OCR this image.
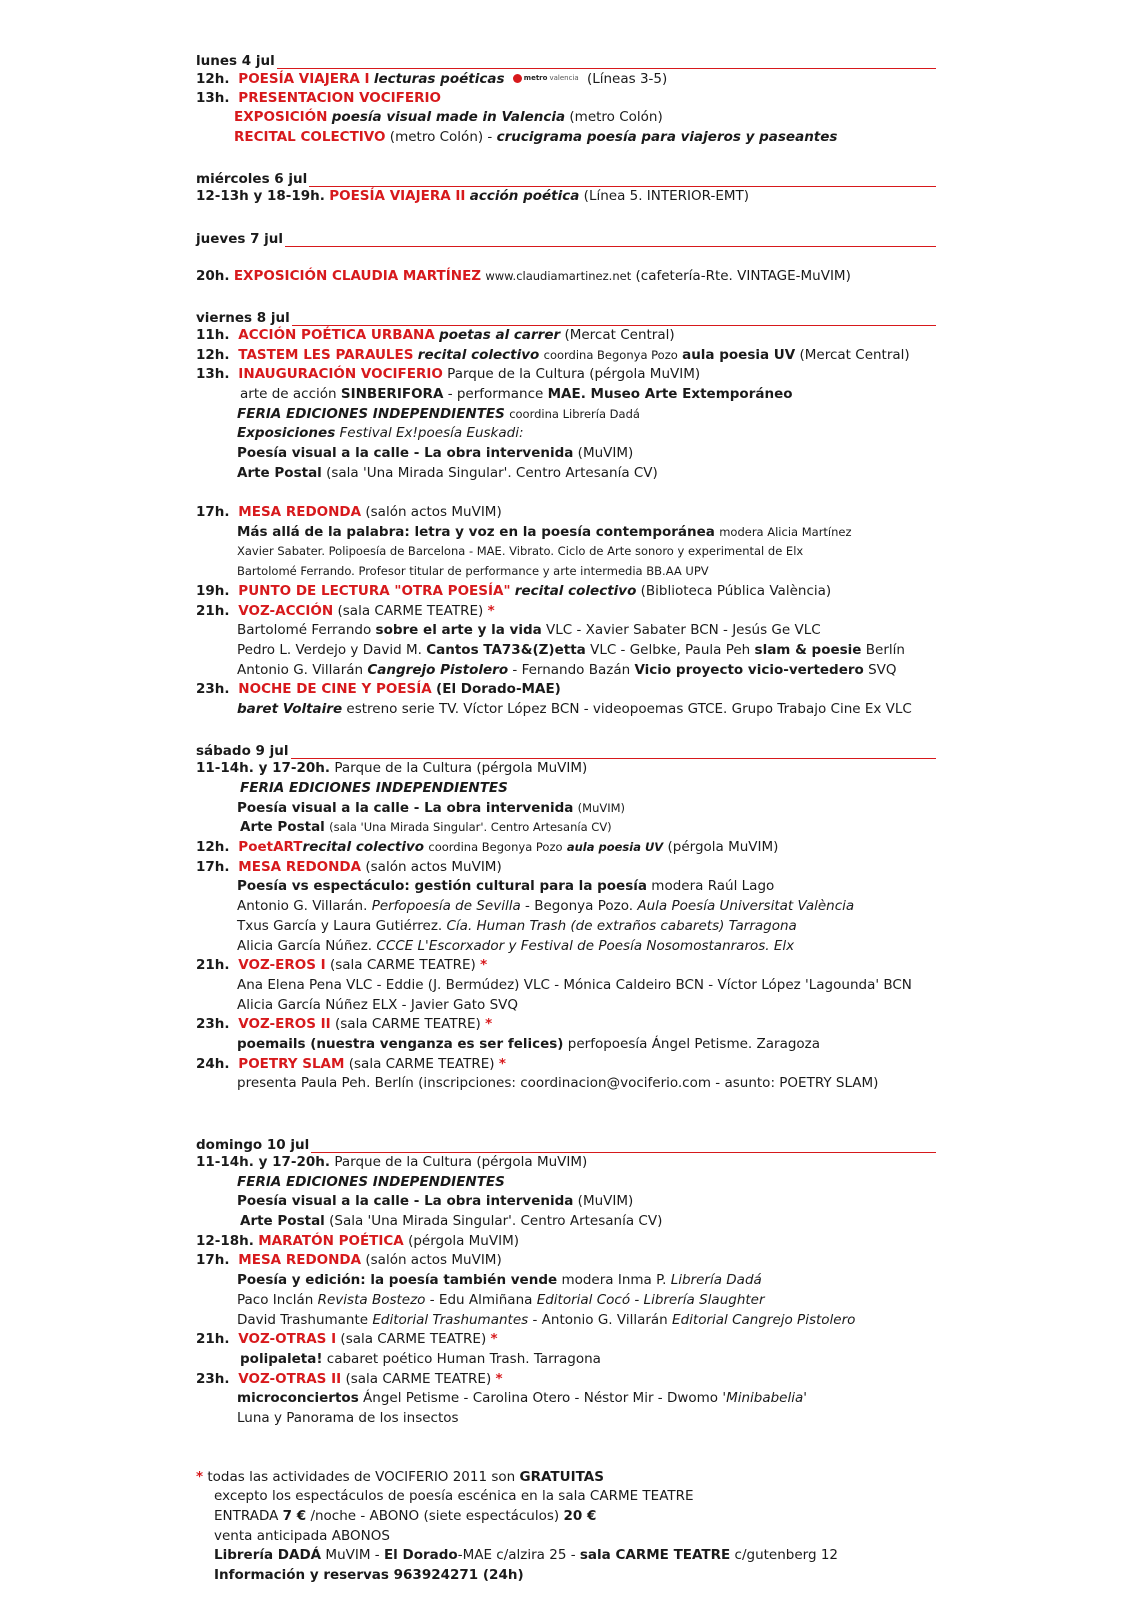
lunes 4 jul
12h. POESÍA VIAJERA I lecturas poéticas	metro valencia (Líneas 3-5)
13h. PRESENTACION VOCIFERIO
EXPOSICIÓN poesía visual made in Valencia (metro Colón)
RECITAL COLECTIVO (metro Colón) - crucigrama poesía para viajeros y paseantes
miércoles 6 jul
12-13h y 18-19h. POESÍA VIAJERA II acción poética (Línea 5. INTERIOR-EMT)
jueves 7 jul
20h. EXPOSICIÓN CLAUDIA MARTÍNEZ www.claudiamartinez.net (cafetería-Rte. VINTAGE-MuVIM)
viernes 8 jul
11h. ACCIÓN POÉTICA URBANA poetas al carrer (Mercat Central)
12h. TASTEM LES PARAULES recital colectivo coordina Begonya Pozo aula poesia UV (Mercat Central)
13h. INAUGURACIÓN VOCIFERIO Parque de la Cultura (pérgola MuVIM)
arte de acción SINBERIFORA - performance MAE. Museo Arte Extemporáneo
FERIA EDICIONES INDEPENDIENTES coordina Librería Dadá
Exposiciones Festival Ex!poesía Euskadi:
Poesía visual a la calle - La obra intervenida (MuVIM)
Arte Postal (sala 'Una Mirada Singular'. Centro Artesanía CV)
17h. MESA REDONDA (salón actos MuVIM)
Más allá de la palabra: letra y voz en la poesía contemporánea modera Alicia Martínez
Xavier Sabater. Polipoesía de Barcelona - MAE. Vibrato. Ciclo de Arte sonoro y experimental de Elx
Bartolomé Ferrando. Profesor titular de performance y arte intermedia BB.AA UPV
19h. PUNTO DE LECTURA "OTRA POESÍA" recital colectivo (Biblioteca Pública València)
21h. VOZ-ACCIÓN (sala CARME TEATRE) *
Bartolomé Ferrando sobre el arte y la vida VLC - Xavier Sabater BCN - Jesús Ge VLC
Pedro L. Verdejo y David M. Cantos TA73&(Z)etta VLC - Gelbke, Paula Peh slam & poesie Berlín
Antonio G. Villarán Cangrejo Pistolero - Fernando Bazán Vicio proyecto vicio-vertedero SVQ
23h. NOCHE DE CINE Y POESÍA (El Dorado-MAE)
baret Voltaire estreno serie TV. Víctor López BCN - videopoemas GTCE. Grupo Trabajo Cine Ex VLC
sábado 9 jul
11-14h. y 17-20h. Parque de la Cultura (pérgola MuVIM)
FERIA EDICIONES INDEPENDIENTES
Poesía visual a la calle - La obra intervenida (MuVIM)
Arte Postal (sala 'Una Mirada Singular'. Centro Artesanía CV)
12h. PoetARTrecital colectivo coordina Begonya Pozo aula poesia UV (pérgola MuVIM)
17h. MESA REDONDA (salón actos MuVIM)
Poesía vs espectáculo: gestión cultural para la poesía modera Raúl Lago
Antonio G. Villarán. Perfopoesía de Sevilla - Begonya Pozo. Aula Poesía Universitat València
Txus García y Laura Gutiérrez. Cía. Human Trash (de extraños cabarets) Tarragona
Alicia García Núñez. CCCE L'Escorxador y Festival de Poesía Nosomostanraros. Elx
21h. VOZ-EROS I (sala CARME TEATRE) *
Ana Elena Pena VLC - Eddie (J. Bermúdez) VLC - Mónica Caldeiro BCN - Víctor López 'Lagounda' BCN
Alicia García Núñez ELX - Javier Gato SVQ
23h. VOZ-EROS II (sala CARME TEATRE) *
poemails (nuestra venganza es ser felices) perfopoesía Ángel Petisme. Zaragoza
24h. POETRY SLAM (sala CARME TEATRE) *
presenta Paula Peh. Berlín (inscripciones: coordinacion@vociferio.com - asunto: POETRY SLAM)
domingo 10 jul
11-14h. y 17-20h. Parque de la Cultura (pérgola MuVIM)
FERIA EDICIONES INDEPENDIENTES
Poesía visual a la calle - La obra intervenida (MuVIM)
Arte Postal (Sala 'Una Mirada Singular'. Centro Artesanía CV)
12-18h. MARATÓN POÉTICA (pérgola MuVIM)
17h. MESA REDONDA (salón actos MuVIM)
Poesía y edición: la poesía también vende modera Inma P. Librería Dadá
Paco Inclán Revista Bostezo - Edu Almiñana Editorial Cocó - Librería Slaughter
David Trashumante Editorial Trashumantes - Antonio G. Villarán Editorial Cangrejo Pistolero
21h. VOZ-OTRAS I (sala CARME TEATRE) *
polipaleta! cabaret poético Human Trash. Tarragona
23h. VOZ-OTRAS II (sala CARME TEATRE) *
microconciertos Ángel Petisme - Carolina Otero - Néstor Mir - Dwomo 'Minibabelia'
Luna y Panorama de los insectos
* todas las actividades de VOCIFERIO 2011 son GRATUITAS
excepto los espectáculos de poesía escénica en la sala CARME TEATRE
ENTRADA 7 € /noche - ABONO (siete espectáculos) 20 €
venta anticipada ABONOS
Librería DADÁ MuVIM - El Dorado-MAE c/alzira 25 - sala CARME TEATRE c/gutenberg 12
Información y reservas 963924271 (24h)
